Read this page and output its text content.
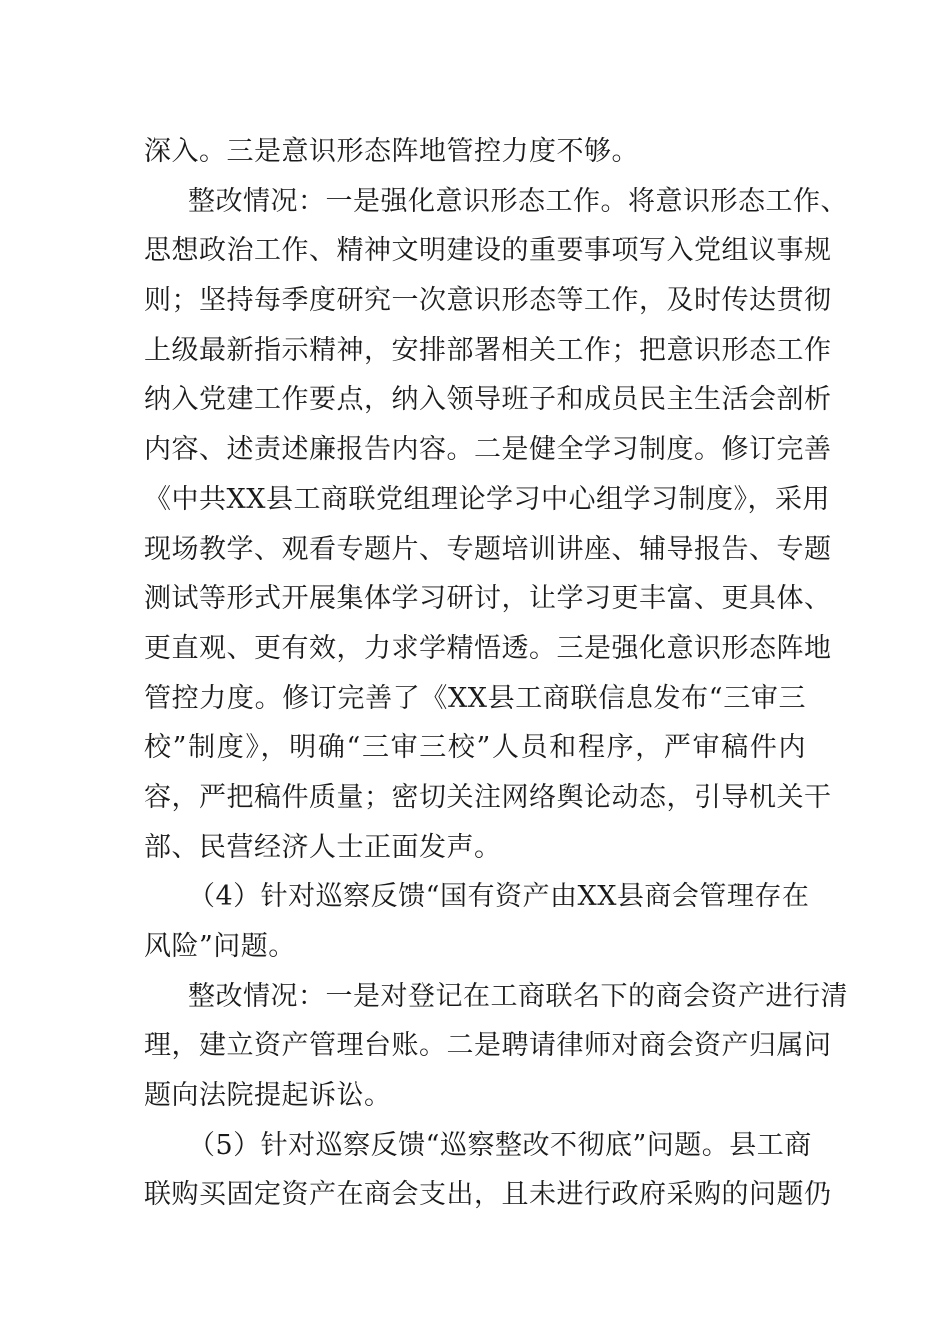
深入。三是意识形态阵地管控力度不够。
整改情况：一是强化意识形态工作。将意识形态工作、
思想政治工作、精神文明建设的重要事项写入党组议事规
则；坚持每季度研究一次意识形态等工作，及时传达贯彻
上级最新指示精神，安排部署相关工作；把意识形态工作
纳入党建工作要点，纳入领导班子和成员民主生活会剖析
内容、述责述廉报告内容。二是健全学习制度。修订完善
《中共XX县工商联党组理论学习中心组学习制度》，采用
现场教学、观看专题片、专题培训讲座、辅导报告、专题
测试等形式开展集体学习研讨，让学习更丰富、更具体、
更直观、更有效，力求学精悟透。三是强化意识形态阵地
管控力度。修订完善了《XX县工商联信息发布“三审三
校”制度》，明确“三审三校”人员和程序，严审稿件内
容，严把稿件质量；密切关注网络舆论动态，引导机关干
部、民营经济人士正面发声。
（4）针对巡察反馈“国有资产由XX县商会管理存在
风险”问题。
整改情况：一是对登记在工商联名下的商会资产进行清
理，建立资产管理台账。二是聘请律师对商会资产归属问
题向法院提起诉讼。
（5）针对巡察反馈“巡察整改不彻底”问题。县工商
联购买固定资产在商会支出，且未进行政府采购的问题仍
